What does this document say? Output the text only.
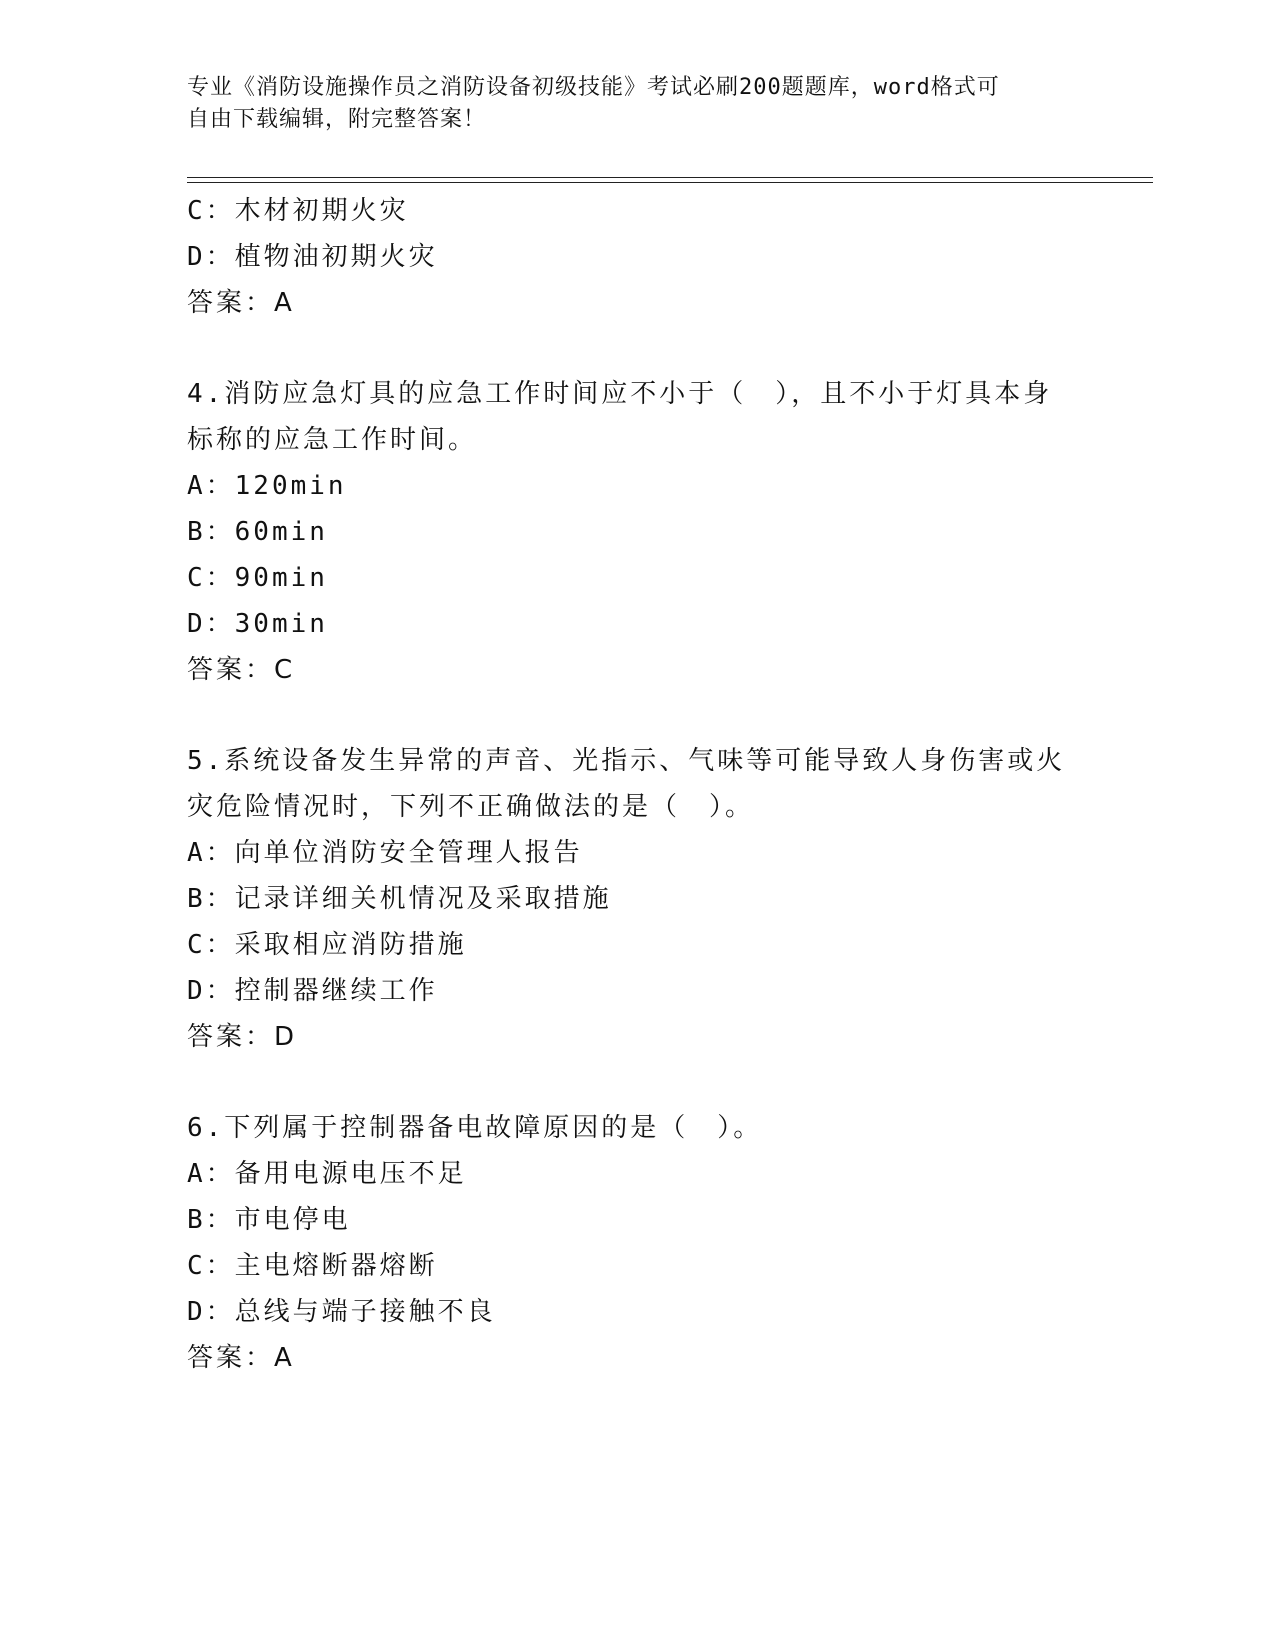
专业《消防设施操作员之消防设备初级技能》考试必刷200题题库，word格式可
自由下载编辑，附完整答案！
C：木材初期火灾
D：植物油初期火灾
答案：A
4.消防应急灯具的应急工作时间应不小于（　），且不小于灯具本身
标称的应急工作时间。
A：120min
B：60min
C：90min
D：30min
答案：C
5.系统设备发生异常的声音、光指示、气味等可能导致人身伤害或火
灾危险情况时，下列不正确做法的是（　）。
A：向单位消防安全管理人报告
B：记录详细关机情况及采取措施
C：采取相应消防措施
D：控制器继续工作
答案：D
6.下列属于控制器备电故障原因的是（　）。
A：备用电源电压不足
B：市电停电
C：主电熔断器熔断
D：总线与端子接触不良
答案：A
